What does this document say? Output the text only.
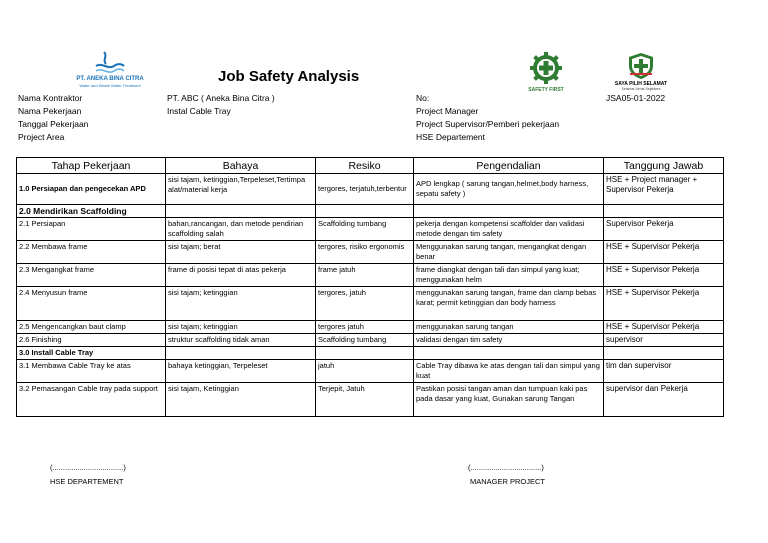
PT. ANEKA BINA CITRA
Water and Waste Water Treatment
Job Safety Analysis
SAFETY FIRST
SAYA PILIH SELAMAT
Selamat Sehat Sejahtera
Nama Kontraktor
Nama Pekerjaan
Tanggal Pekerjaan
Project Area
PT. ABC ( Aneka Bina Citra )
Instal Cable Tray
No:
Project Manager
Project Supervisor/Pemberi pekerjaan
HSE Departement
JSA05-01-2022
Tahap Pekerjaan	Bahaya	Resiko	Pengendalian	Tanggung Jawab
1.0 Persiapan dan pengecekan APD	sisi tajam, ketinggian,Terpeleset,Tertimpa alat/material kerja	tergores, terjatuh,terbentur	APD lengkap ( sarung tangan,helmet,body harness, sepatu safety )	HSE + Project manager + Supervisor Pekerja
2.0 Mendirikan Scaffolding				
2.1 Persiapan	bahan,rancangan, dan metode pendirian scaffolding salah	Scaffolding tumbang	pekerja dengan kompetensi scaffolder dan validasi metode dengan tim safety	Supervisor Pekerja
2.2 Membawa frame	sisi tajam; berat	tergores, risiko ergonomis	Menggunakan sarung tangan, mengangkat dengan benar	HSE + Supervisor Pekerja
2.3 Mengangkat frame	frame di posisi tepat di atas pekerja	frame jatuh	frame diangkat dengan tali dan simpul yang kuat; menggunakan helm	HSE + Supervisor Pekerja
2.4 Menyusun frame	sisi tajam; ketinggian	tergores, jatuh	menggunakan sarung tangan, frame dan clamp bebas karat; permit ketinggian dan body harness	HSE + Supervisor Pekerja
2.5 Mengencangkan baut clamp	sisi tajam; ketinggian	tergores jatuh	menggunakan sarung tangan	HSE + Supervisor Pekerja
2.6 Finishing	struktur scaffolding tidak aman	Scaffolding tumbang	validasi dengan tim safety	supervisor
3.0 Install Cable Tray				
3.1 Membawa Cable Tray ke atas	bahaya ketinggian, Terpeleset	jatuh	Cable Tray dibawa ke atas dengan tali dan simpul yang kuat	tim dan supervisor
3.2 Pemasangan Cable tray pada support	sisi tajam, Ketinggian	Terjepit, Jatuh	Pastikan posisi tangan aman dan tumpuan kaki pas pada dasar yang kuat, Gunakan sarung Tangan	supervisor dan Pekerja
(..................................)
HSE DEPARTEMENT
(..................................)
MANAGER PROJECT
